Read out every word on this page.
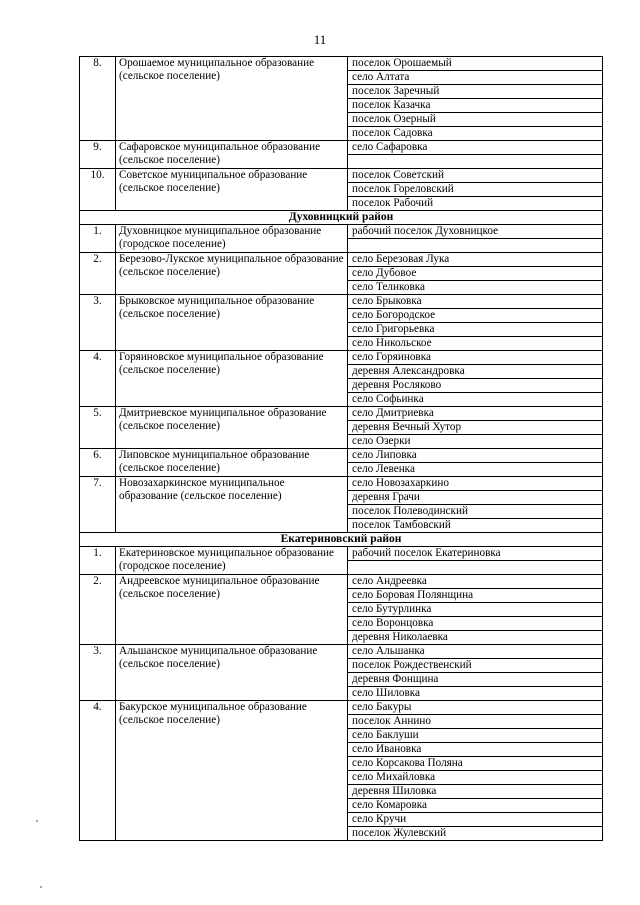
11
8.	Орошаемое муниципальное образование (сельское поселение)	поселок Орошаемый
		село Алтата
		поселок Заречный
		поселок Казачка
		поселок Озерный
		поселок Садовка
9.	Сафаровское муниципальное образование (сельское поселение)	село Сафаровка

10.	Советское муниципальное образование (сельское поселение)	поселок Советский
		поселок Гореловский
		поселок Рабочий
Духовницкий район		
1.	Духовницкое муниципальное образование (городское поселение)	рабочий поселок Духовницкое

2.	Березово-Лукское муниципальное образование (сельское поселение)	село Березовая Лука
		село Дубовое
		село Теликовка
3.	Брыковское муниципальное образование (сельское поселение)	село Брыковка
		село Богородское
		село Григорьевка
		село Никольское
4.	Горяиновское муниципальное образование (сельское поселение)	село Горяиновка
		деревня Александровка
		деревня Росляково
		село Софьинка
5.	Дмитриевское муниципальное образование (сельское поселение)	село Дмитриевка
		деревня Вечный Хутор
		село Озерки
6.	Липовское муниципальное образование (сельское поселение)	село Липовка
		село Левенка
7.	Новозахаркинское муниципальное образование (сельское поселение)	село Новозахаркино
		деревня Грачи
		поселок Полеводинский
		поселок Тамбовский
Екатериновский район		
1.	Екатериновское муниципальное образование (городское поселение)	рабочий поселок Екатериновка

2.	Андреевское муниципальное образование (сельское поселение)	село Андреевка
		село Боровая Полянщина
		село Бутурлинка
		село Воронцовка
		деревня Николаевка
3.	Альшанское муниципальное образование (сельское поселение)	село Альшанка
		поселок Рождественский
		деревня Фонщина
		село Шиловка
4.	Бакурское муниципальное образование (сельское поселение)	село Бакуры
		поселок Аннино
		село Баклуши
		село Ивановка
		село Корсакова Поляна
		село Михайловка
		деревня Шиловка
		село Комаровка
		село Кручи
		поселок Жулевский
